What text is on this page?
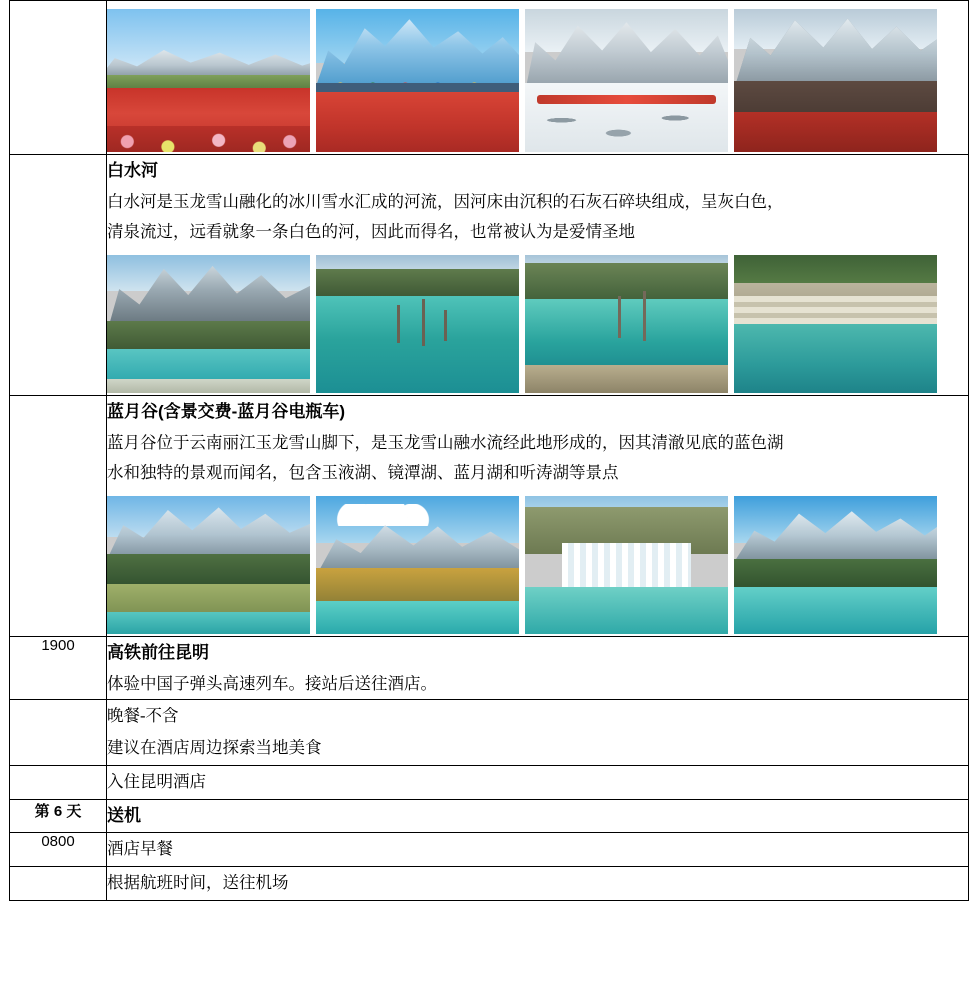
	白水河
白水河是玉龙雪山融化的冰川雪水汇成的河流，因河床由沉积的石灰石碎块组成，呈灰白色，
清泉流过，远看就象一条白色的河，因此而得名，也常被认为是爱情圣地

	蓝月谷(含景交费-蓝月谷电瓶车)
蓝月谷位于云南丽江玉龙雪山脚下，是玉龙雪山融水流经此地形成的，因其清澈见底的蓝色湖
水和独特的景观而闻名，包含玉液湖、镜潭湖、蓝月湖和听涛湖等景点

1900	高铁前往昆明
体验中国子弹头高速列车。接站后送往酒店。

	晚餐-不含
建议在酒店周边探索当地美食

	入住昆明酒店

第 6 天	送机

0800	酒店早餐

	根据航班时间，送往机场
